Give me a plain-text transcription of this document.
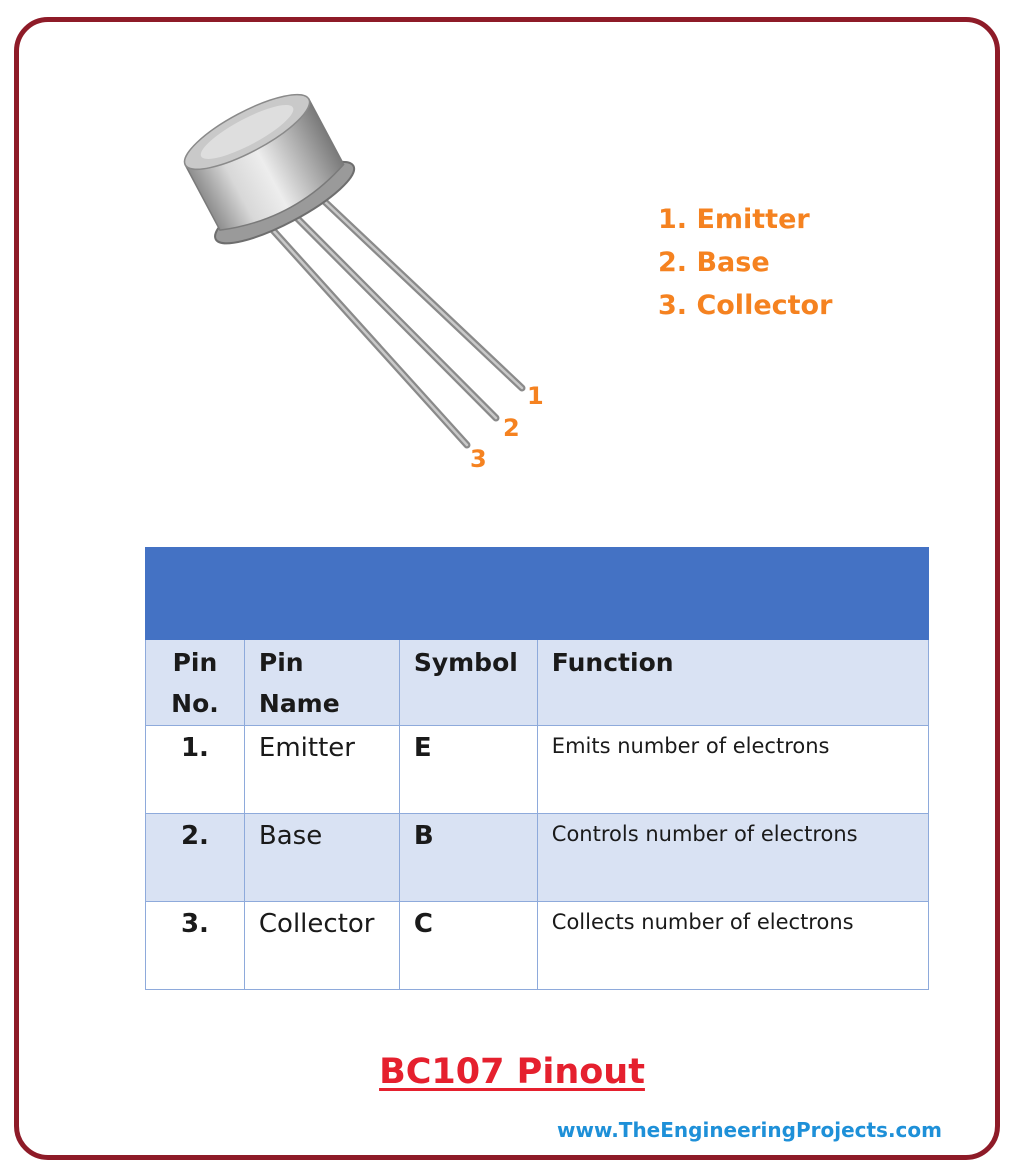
1
2
3
1. Emitter
2. Base
3. Collector

Pin No.	Pin Name	Symbol	Function
1.	Emitter	E	Emits number of electrons
2.	Base	B	Controls number of electrons
3.	Collector	C	Collects number of electrons
BC107 Pinout
www.TheEngineeringProjects.com
